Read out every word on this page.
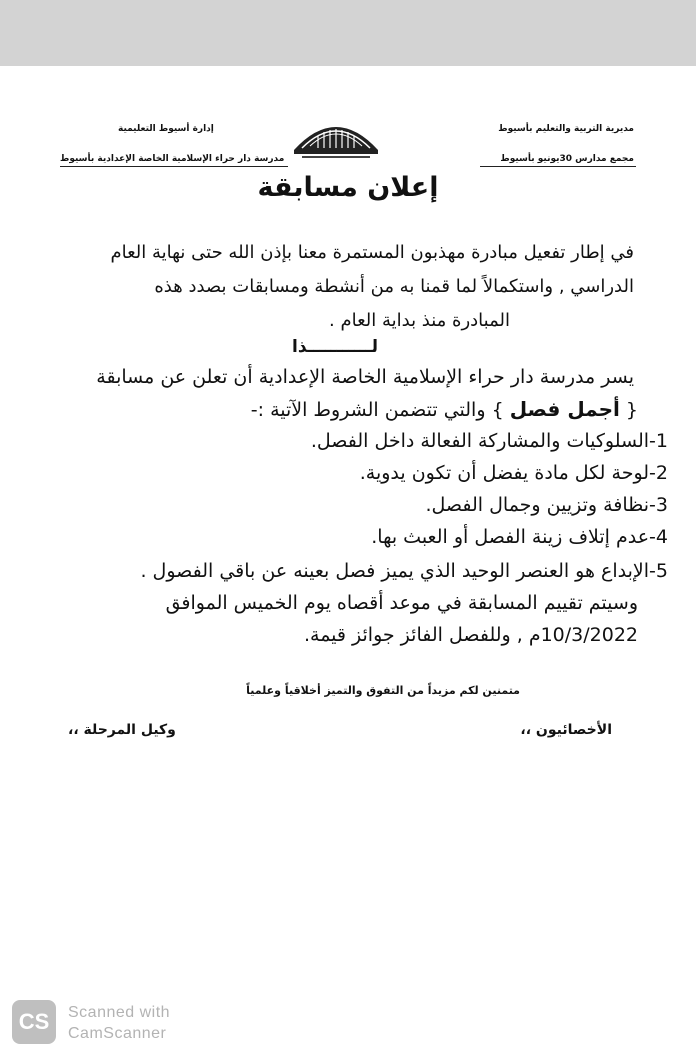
مديرية التربية والتعليم بأسيوط
مجمع مدارس 30يونيو بأسيوط
إدارة أسيوط التعليمية
مدرسة دار حراء الإسلامية الخاصة الإعدادية بأسيوط
إعلان مسابقة
في إطار تفعيل مبادرة مهذبون المستمرة معنا بإذن الله حتى نهاية العام
الدراسي , واستكمالاً لما قمنا به من أنشطة ومسابقات بصدد هذه
المبادرة منذ بداية العام .
لـــــــــــذا
يسر مدرسة دار حراء الإسلامية الخاصة الإعدادية أن تعلن عن مسابقة
{ أجمل فصل } والتي تتضمن الشروط الآتية :-
1-السلوكيات والمشاركة الفعالة داخل الفصل.
2-لوحة لكل مادة يفضل أن تكون يدوية.
3-نظافة وتزيين وجمال الفصل.
4-عدم إتلاف زينة الفصل أو العبث بها.
5-الإبداع هو العنصر الوحيد الذي يميز فصل بعينه عن باقي الفصول .
وسيتم تقييم المسابقة في موعد أقصاه يوم الخميس الموافق
10/3/2022م , وللفصل الفائز جوائز قيمة.
متمنين لكم مزيداً من التفوق والتميز أخلاقياً وعلمياً
الأخصائيون ،،
وكيل المرحلة ،،
CS	Scanned with
CamScanner
